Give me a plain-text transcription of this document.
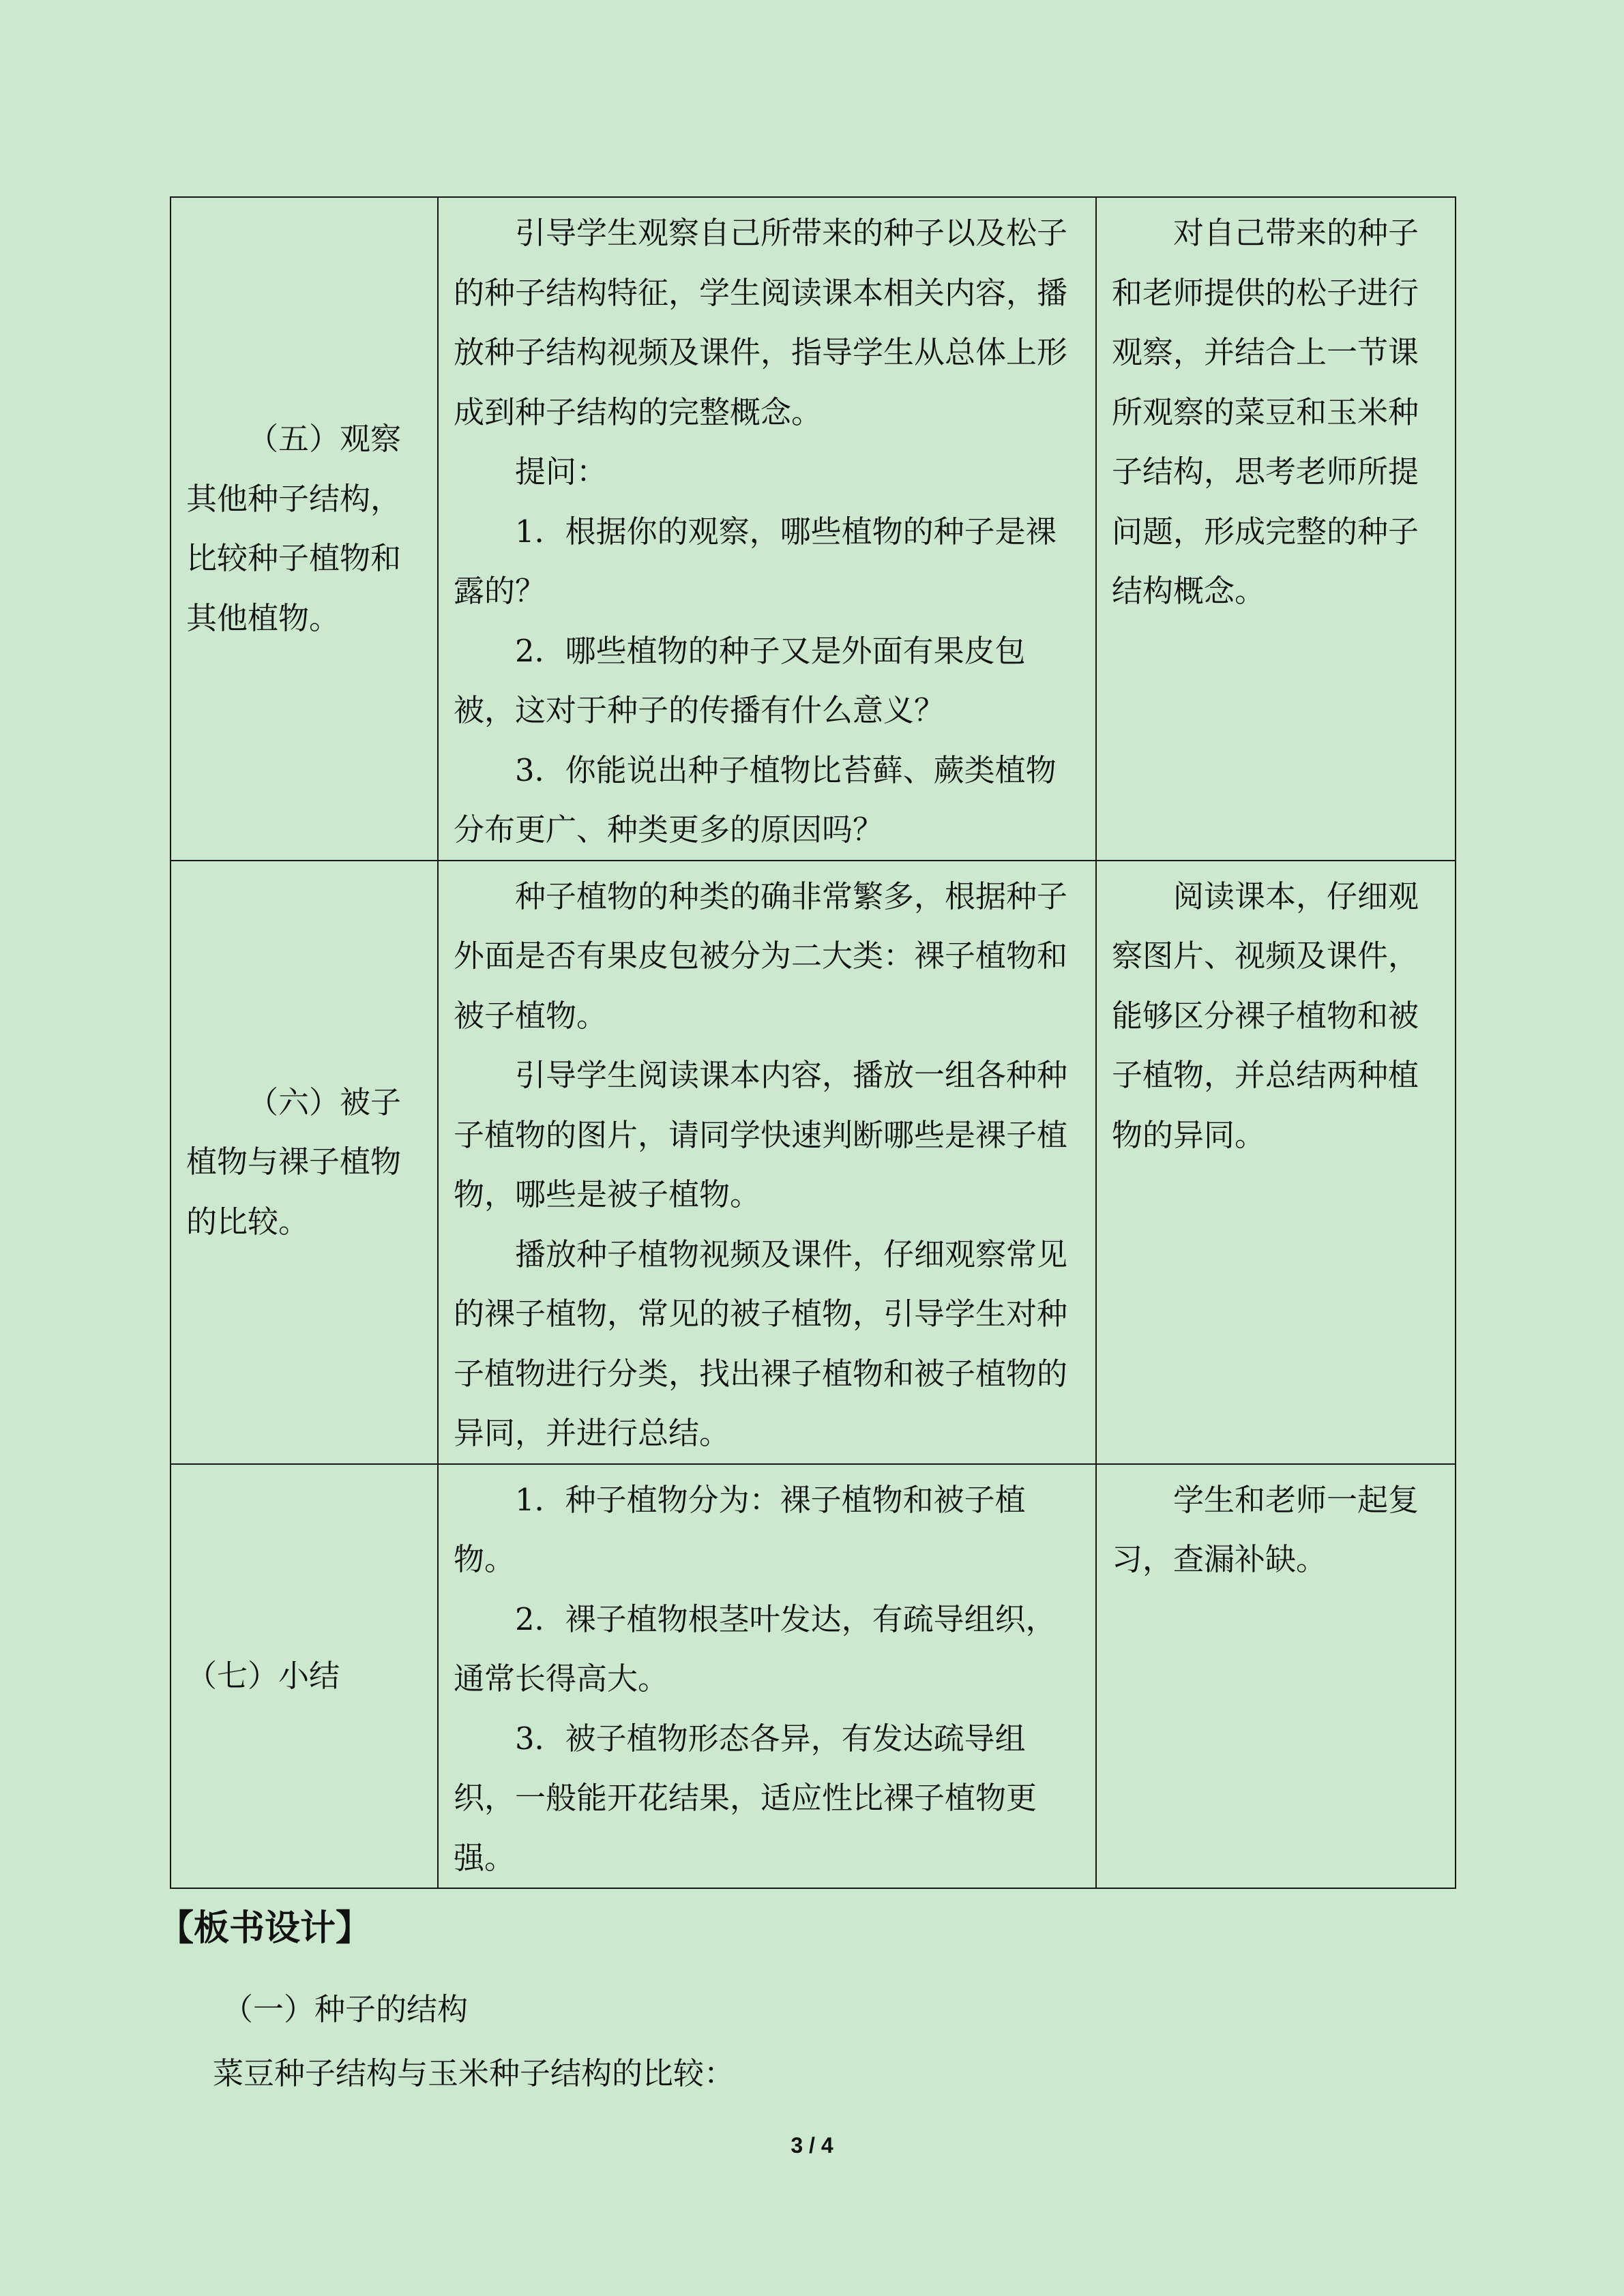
（五）观察其他种子结构，比较种子植物和其他植物。	引导学生观察自己所带来的种子以及松子的种子结构特征，学生阅读课本相关内容，播放种子结构视频及课件，指导学生从总体上形成到种子结构的完整概念。

提问：

1．根据你的观察，哪些植物的种子是裸露的？

2．哪些植物的种子又是外面有果皮包被，这对于种子的传播有什么意义？

3．你能说出种子植物比苔藓、蕨类植物分布更广、种类更多的原因吗？	对自己带来的种子和老师提供的松子进行观察，并结合上一节课所观察的菜豆和玉米种子结构，思考老师所提问题，形成完整的种子结构概念。

（六）被子植物与裸子植物的比较。	种子植物的种类的确非常繁多，根据种子外面是否有果皮包被分为二大类：裸子植物和被子植物。

引导学生阅读课本内容，播放一组各种种子植物的图片，请同学快速判断哪些是裸子植物，哪些是被子植物。

播放种子植物视频及课件，仔细观察常见的裸子植物，常见的被子植物，引导学生对种子植物进行分类，找出裸子植物和被子植物的异同，并进行总结。	阅读课本，仔细观察图片、视频及课件，能够区分裸子植物和被子植物，并总结两种植物的异同。

（七）小结	1．种子植物分为：裸子植物和被子植物。

2．裸子植物根茎叶发达，有疏导组织，通常长得高大。

3．被子植物形态各异，有发达疏导组织，一般能开花结果，适应性比裸子植物更强。	学生和老师一起复习，查漏补缺。

【板书设计】

（一）种子的结构

菜豆种子结构与玉米种子结构的比较：

3 / 4
